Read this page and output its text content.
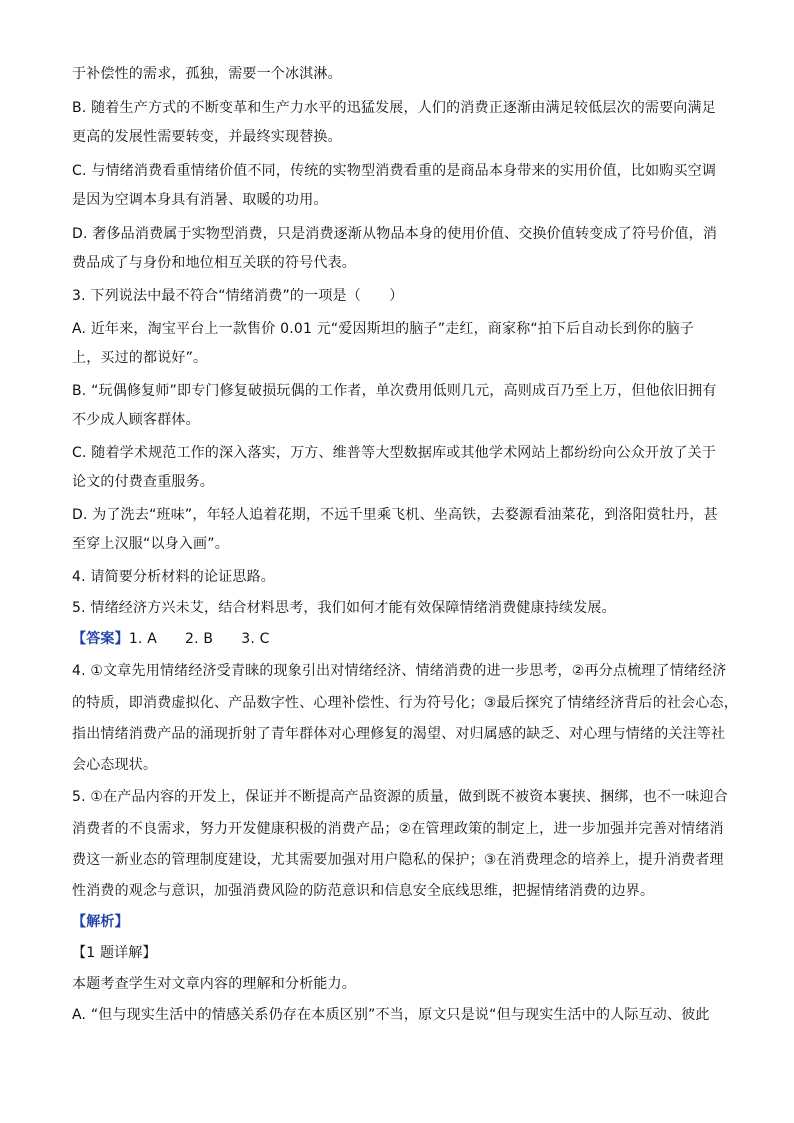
于补偿性的需求，孤独，需要一个冰淇淋。
B. 随着生产方式的不断变革和生产力水平的迅猛发展，人们的消费正逐渐由满足较低层次的需要向满足
更高的发展性需要转变，并最终实现替换。
C. 与情绪消费看重情绪价值不同，传统的实物型消费看重的是商品本身带来的实用价值，比如购买空调
是因为空调本身具有消暑、取暖的功用。
D. 奢侈品消费属于实物型消费，只是消费逐渐从物品本身的使用价值、交换价值转变成了符号价值，消
费品成了与身份和地位相互关联的符号代表。
3. 下列说法中最不符合“情绪消费”的一项是（　　）
A. 近年来，淘宝平台上一款售价 0.01 元“爱因斯坦的脑子”走红，商家称“拍下后自动长到你的脑子
上，买过的都说好”。
B. “玩偶修复师”即专门修复破损玩偶的工作者，单次费用低则几元，高则成百乃至上万，但他依旧拥有
不少成人顾客群体。
C. 随着学术规范工作的深入落实，万方、维普等大型数据库或其他学术网站上都纷纷向公众开放了关于
论文的付费查重服务。
D. 为了洗去“班味”，年轻人追着花期，不远千里乘飞机、坐高铁，去婺源看油菜花，到洛阳赏牡丹，甚
至穿上汉服“以身入画”。
4. 请简要分析材料的论证思路。
5. 情绪经济方兴未艾，结合材料思考，我们如何才能有效保障情绪消费健康持续发展。
【答案】1. A 2. B 3. C
4. ①文章先用情绪经济受青睐的现象引出对情绪经济、情绪消费的进一步思考，②再分点梳理了情绪经济
的特质，即消费虚拟化、产品数字性、心理补偿性、行为符号化；③最后探究了情绪经济背后的社会心态，
指出情绪消费产品的涌现折射了青年群体对心理修复的渴望、对归属感的缺乏、对心理与情绪的关注等社
会心态现状。
5. ①在产品内容的开发上，保证并不断提高产品资源的质量，做到既不被资本裹挟、捆绑，也不一味迎合
消费者的不良需求，努力开发健康积极的消费产品；②在管理政策的制定上，进一步加强并完善对情绪消
费这一新业态的管理制度建设，尤其需要加强对用户隐私的保护；③在消费理念的培养上，提升消费者理
性消费的观念与意识，加强消费风险的防范意识和信息安全底线思维，把握情绪消费的边界。
【解析】
【1 题详解】
本题考查学生对文章内容的理解和分析能力。
A. “但与现实生活中的情感关系仍存在本质区别”不当，原文只是说“但与现实生活中的人际互动、彼此
